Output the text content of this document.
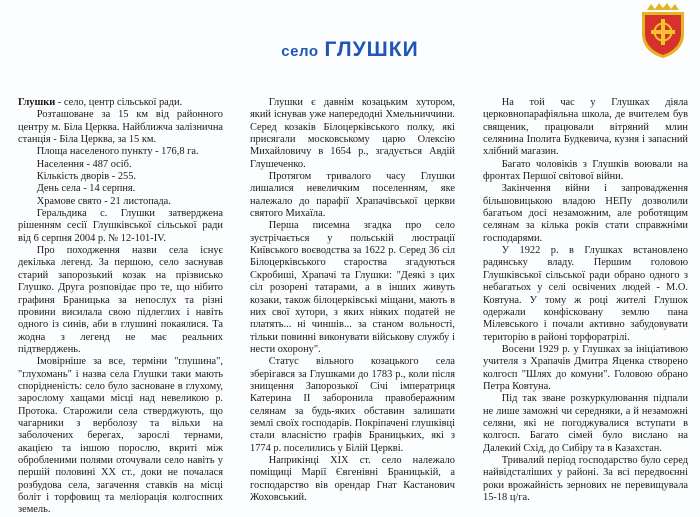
село ГЛУШКИ

Глушки - село, центр сільської ради.

Розташоване за 15 км від районного центру м. Біла Церква. Найближча залізнична станція - Біла Церква, за 15 км.

Площа населеного пункту - 176,8 га.

Населення - 487 осіб.

Кількість дворів - 255.

День села - 14 серпня.

Храмове свято - 21 листопада.

Геральдика с. Глушки затверджена рішенням сесії Глушківської сільської ради від 6 серпня 2004 р. № 12-101-IV.

Про походження назви села існує декілька легенд. За першою, село заснував старий запорозький козак на прізвисько Глушко. Друга розповідає про те, що нібито графиня Браницька за непослух та різні провини висилала свою підлеглих і навіть одного із синів, аби в глушині покаялися. Та жодна з легенд не має реальних підтверджень.

Імовірніше за все, терміни "глушина", "глухомань" і назва села Глушки таки мають спорідненість: село було засноване в глухому, зарослому хащами місці над невеликою р. Протока. Старожили села стверджують, що чагарники з верболозу та вільхи на заболочених берегах, зарослі тернами, акацією та іншою порослю, вкриті між обробленими полями оточували село навіть у першій половині ХХ ст., доки не почалася розбудова села, загачення ставків на місці боліт і торфовищ та меліорація колгоспних земель.

Глушки є давнім козацьким хутором, який існував уже напередодні Хмельниччини. Серед козаків Білоцерківського полку, які присягали московському царю Олексію Михайловичу в 1654 р., згадується Авдій Глушеченко.

Протягом тривалого часу Глушки лишалися невеличким поселенням, яке належало до парафії Храпачівської церкви святого Михаїла.

Перша писемна згадка про село зустрічається у польській люстрації Київського воєводства за 1622 р. Серед 36 сіл Білоцерківського староства згадуються Скробиші, Храпачі та Глушки: "Деякі з цих сіл розорені татарами, а в інших живуть козаки, також білоцерківські міщани, мають в них свої хутори, з яких ніяких податей не платять... ні чиншів... за станом вольності, тільки повинні виконувати військову службу і нести охорону".

Статус вільного козацького села зберігався за Глушками до 1783 р., коли після знищення Запорозької Січі імператриця Катерина II заборонила правоберажним селянам за будь-яких обставин залишати землі своїх господарів. Покріпачені глушківці стали власністю графів Браницьких, які з 1774 р. поселились у Білій Церкві.

Наприкінці ХІХ ст. село належало поміщиці Марії Євгенівні Браницькій, а господарство вів орендар Гнат Кастанович Жоховський.

На той час у Глушках діяла церковнопарафіяльна школа, де вчителем був священик, працювали вітряний млин селянина Іполита Будкевича, кузня і запасний хлібний магазин.

Багато чоловіків з Глушків воювали на фронтах Першої світової війни.

Закінчення війни і запровадження більшовицькою владою НЕПу дозволили багатьом досі незаможним, але роботящим селянам за кілька років стати справжніми господарями.

У 1922 р. в Глушках встановлено радянську владу. Першим головою Глушківської сільської ради обрано одного з небагатьох у селі освічених людей - М.О. Ковтуна. У тому ж році жителі Глушок одержали конфісковану землю пана Мілевського і почали активно забудовувати територію в районі торфоратрілі.

Восени 1929 р. у Глушках за ініціативою учителя з Храпачів Дмитра Яценка створено колгосп "Шлях до комуни". Головою обрано Петра Ковтуна.

Під так зване розкуркулювання підпали не лише заможні чи середняки, а й незаможні селяни, які не погоджувалися вступати в колгосп. Багато сімей було вислано на Далекий Схід, до Сибіру та в Казахстан.

Тривалий період господарство було серед найвідсталіших у районі. За всі передвоєнні роки врожайність зернових не перевищувала 15-18 ц/га.
